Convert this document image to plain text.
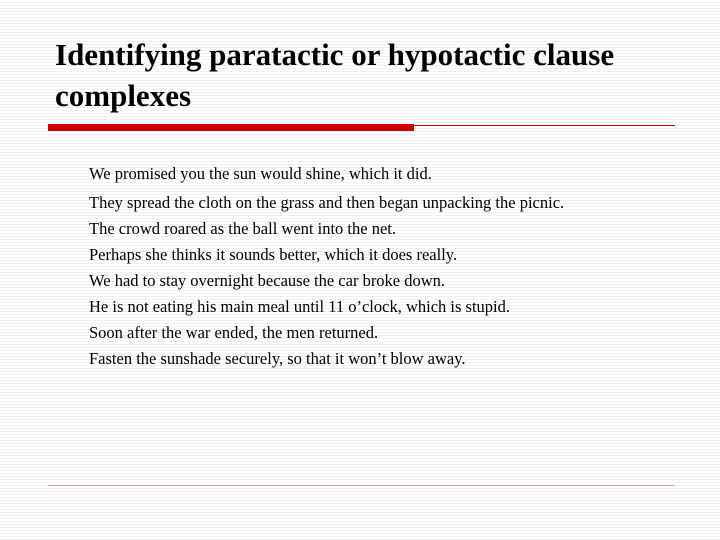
Identifying paratactic or hypotactic clause complexes
We promised you the sun would shine, which it did.
They spread the cloth on the grass and then began unpacking the picnic.
The crowd roared as the ball went into the net.
Perhaps she thinks it sounds better, which it does really.
We had to stay overnight because the car broke down.
He is not eating his main meal until 11 o’clock, which is stupid.
Soon after the war ended, the men returned.
Fasten the sunshade securely, so that it won’t blow away.
